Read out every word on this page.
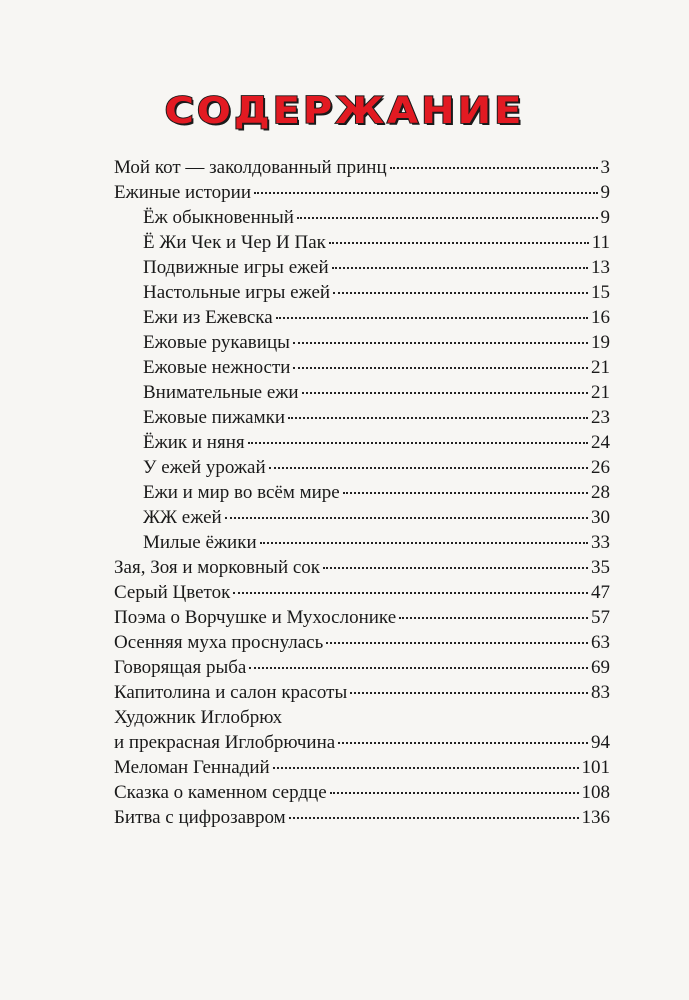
СОДЕРЖАНИЕ
Мой кот — заколдованный принц	3
Ежиные истории	9
Ёж обыкновенный	9
Ё Жи Чек и Чер И Пак	11
Подвижные игры ежей	13
Настольные игры ежей	15
Ежи из Ежевска	16
Ежовые рукавицы	19
Ежовые нежности	21
Внимательные ежи	21
Ежовые пижамки	23
Ёжик и няня	24
У ежей урожай	26
Ежи и мир во всём мире	28
ЖЖ ежей	30
Милые ёжики	33
Зая, Зоя и морковный сок	35
Серый Цветок	47
Поэма о Ворчушке и Мухослонике	57
Осенняя муха проснулась	63
Говорящая рыба	69
Капитолина и салон красоты	83
Художник Иглобрюх
и прекрасная Иглобрючина	94
Меломан Геннадий	101
Сказка о каменном сердце	108
Битва с цифрозавром	136
